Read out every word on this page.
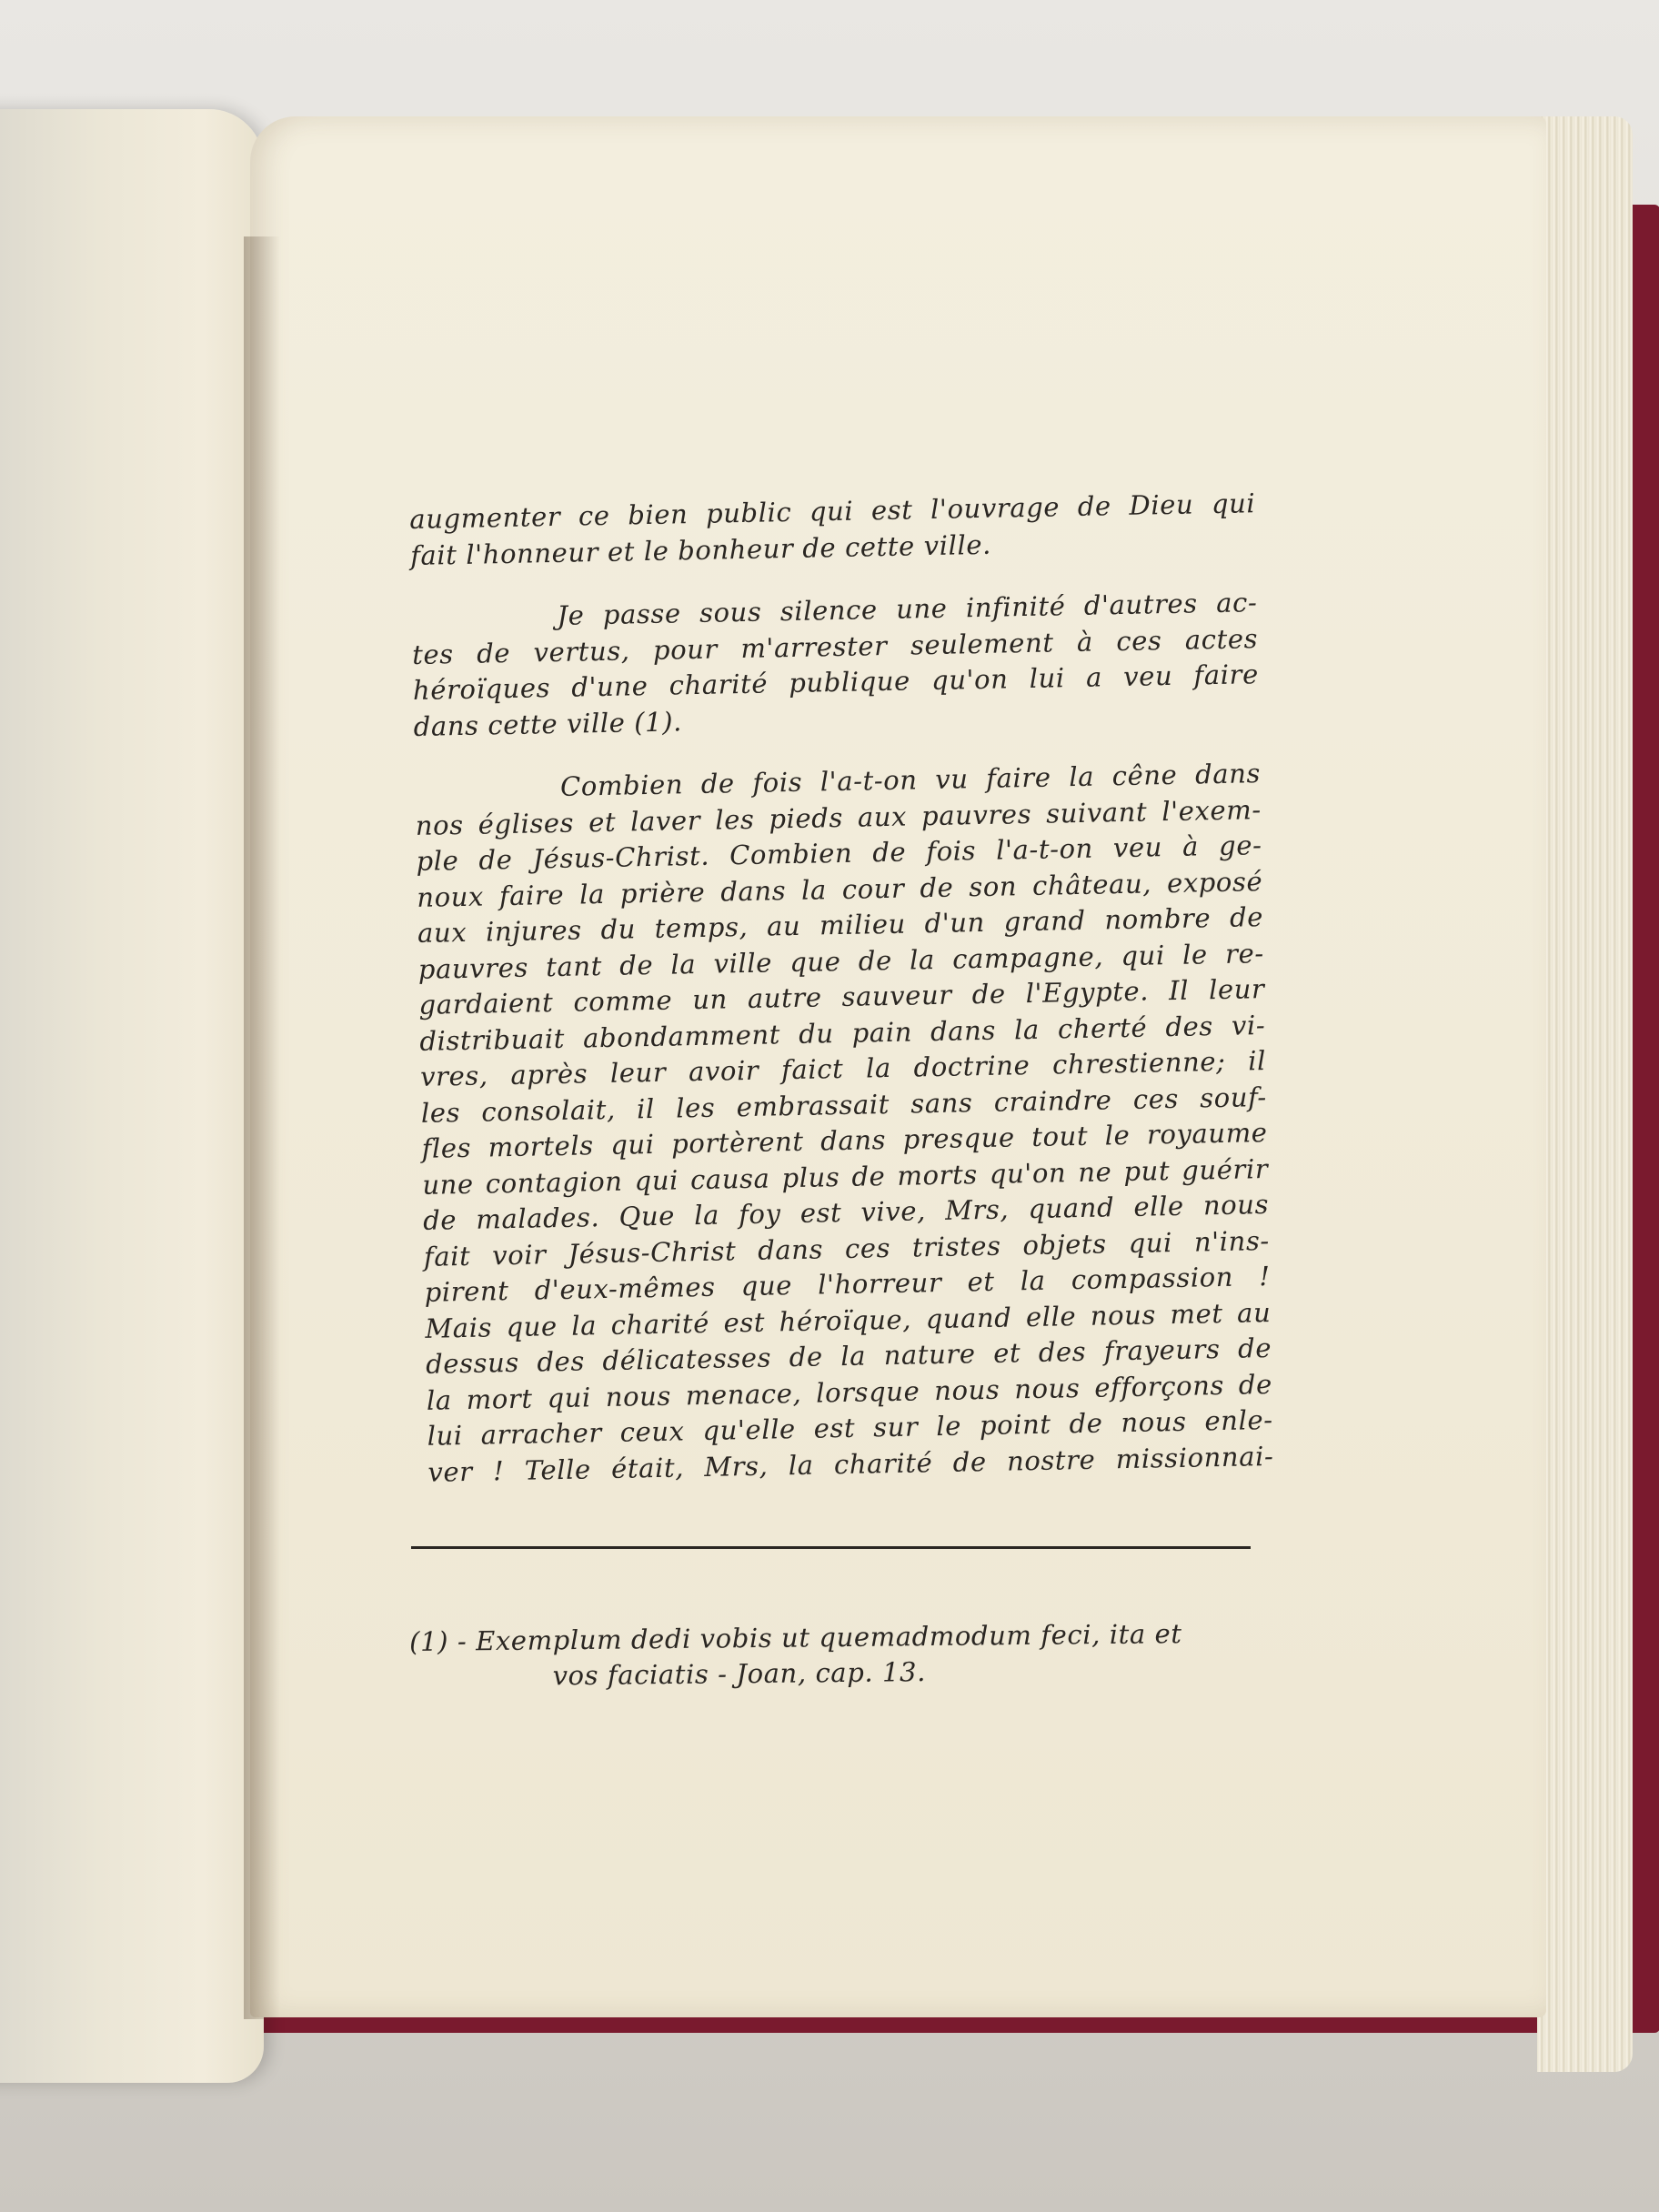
augmenter ce bien public qui est l'ouvrage de Dieu qui
fait l'honneur et le bonheur de cette ville.

Je passe sous silence une infinité d'autres ac-
tes de vertus, pour m'arrester seulement à ces actes
héroïques d'une charité publique qu'on lui a veu faire
dans cette ville (1).

Combien de fois l'a-t-on vu faire la cêne dans
nos églises et laver les pieds aux pauvres suivant l'exem-
ple de Jésus-Christ. Combien de fois l'a-t-on veu à ge-
noux faire la prière dans la cour de son château, exposé
aux injures du temps, au milieu d'un grand nombre de
pauvres tant de la ville que de la campagne, qui le re-
gardaient comme un autre sauveur de l'Egypte. Il leur
distribuait abondamment du pain dans la cherté des vi-
vres, après leur avoir faict la doctrine chrestienne; il
les consolait, il les embrassait sans craindre ces souf-
fles mortels qui portèrent dans presque tout le royaume
une contagion qui causa plus de morts qu'on ne put guérir
de malades. Que la foy est vive, Mrs, quand elle nous
fait voir Jésus-Christ dans ces tristes objets qui n'ins-
pirent d'eux-mêmes que l'horreur et la compassion !
Mais que la charité est héroïque, quand elle nous met au
dessus des délicatesses de la nature et des frayeurs de
la mort qui nous menace, lorsque nous nous efforçons de
lui arracher ceux qu'elle est sur le point de nous enle-
ver ! Telle était, Mrs, la charité de nostre missionnai-

(1) - Exemplum dedi vobis ut quemadmodum feci, ita et
vos faciatis - Joan, cap. 13.
